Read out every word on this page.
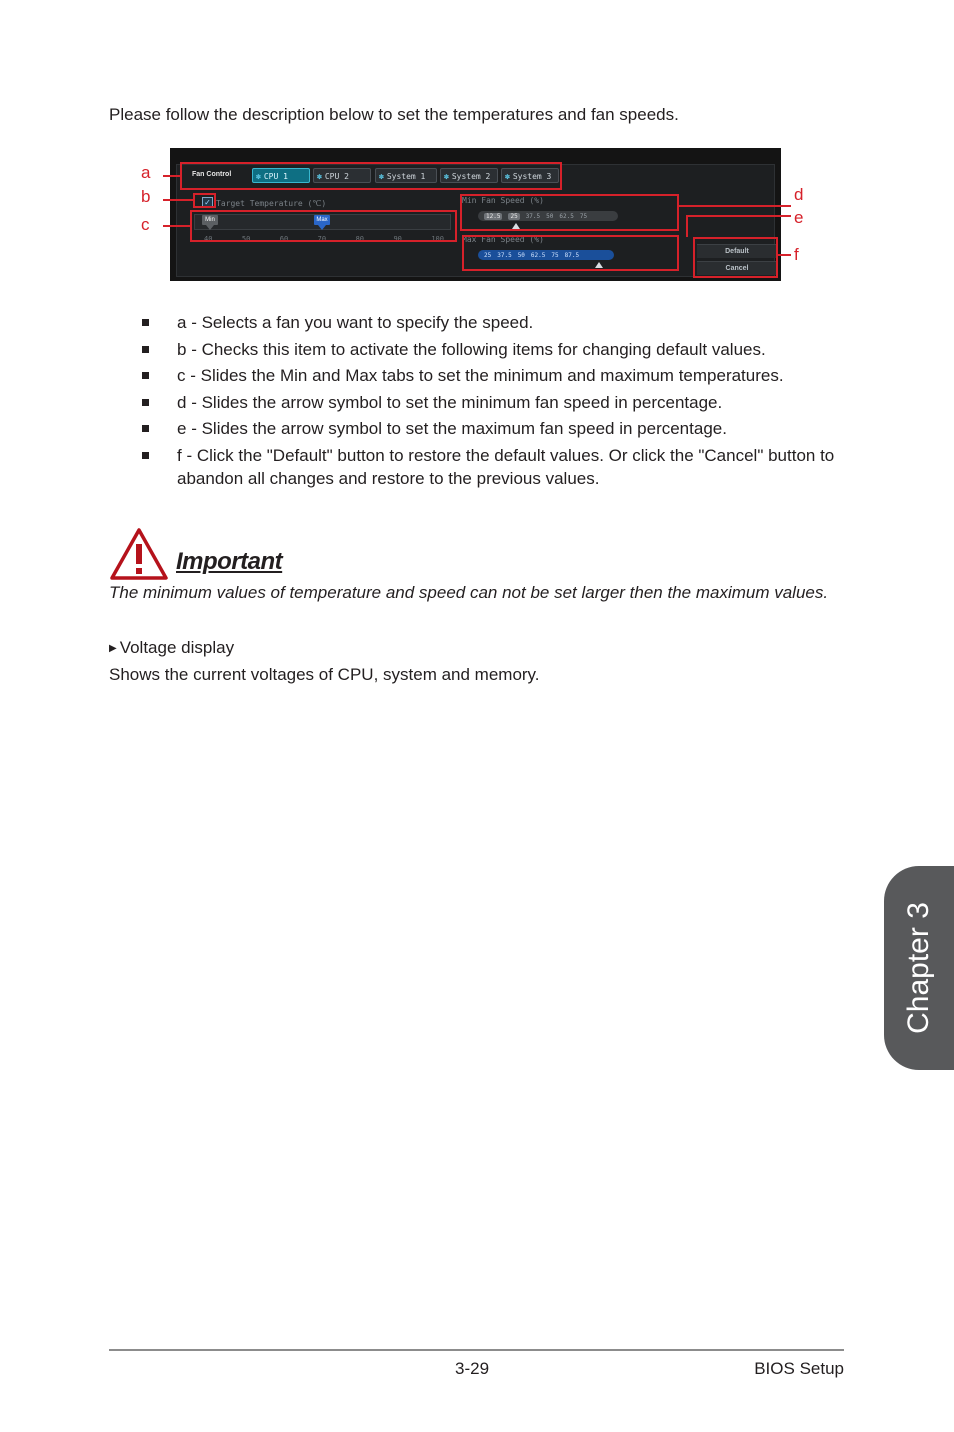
Please follow the description below to set the temperatures and fan speeds.
Fan Control	✽ CPU 1	✽ CPU 2	✽ System 1	✽ System 2	✽ System 3
✓ Target Temperature (℃)
Min	Max
40	50	60	70	80	90	100
Min Fan Speed (%)
12.5	25	37.5 50 62.5 75
Max Fan Speed (%)
25 37.5 50 62.5 75 87.5	Default
Cancel
a
b
c
d
e
f
a - Selects a fan you want to specify the speed.
b - Checks this item to activate the following items for changing default values.
c - Slides the Min and Max tabs to set the minimum and maximum temperatures.
d - Slides the arrow symbol to set the minimum fan speed in percentage.
e - Slides the arrow symbol to set the maximum fan speed in percentage.
f - Click the "Default" button to restore the default values. Or click the "Cancel" button to abandon all changes and restore to the previous values.
Important
The minimum values of temperature and speed can not be set larger then the maximum values.
▶ Voltage display
Shows the current voltages of CPU, system and memory.
Chapter 3
3-29	BIOS Setup
